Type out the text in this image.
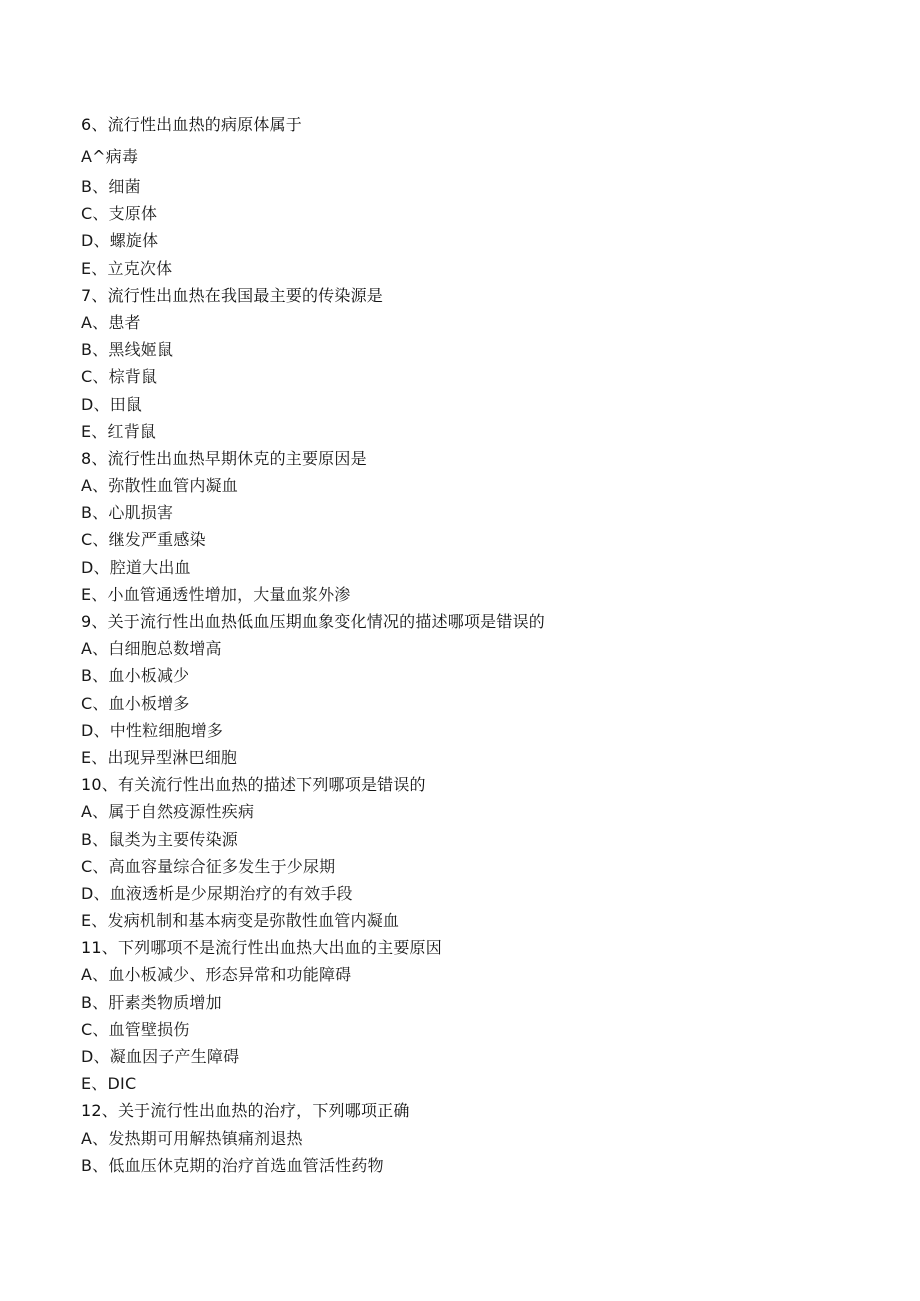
6、流行性出血热的病原体属于
A^病毒
B、细菌
C、支原体
D、螺旋体
E、立克次体
7、流行性出血热在我国最主要的传染源是
A、患者
B、黑线姬鼠
C、棕背鼠
D、田鼠
E、红背鼠
8、流行性出血热早期休克的主要原因是
A、弥散性血管内凝血
B、心肌损害
C、继发严重感染
D、腔道大出血
E、小血管通透性增加，大量血浆外渗
9、关于流行性出血热低血压期血象变化情况的描述哪项是错误的
A、白细胞总数增高
B、血小板减少
C、血小板增多
D、中性粒细胞增多
E、出现异型淋巴细胞
10、有关流行性出血热的描述下列哪项是错误的
A、属于自然疫源性疾病
B、鼠类为主要传染源
C、高血容量综合征多发生于少尿期
D、血液透析是少尿期治疗的有效手段
E、发病机制和基本病变是弥散性血管内凝血
11、下列哪项不是流行性出血热大出血的主要原因
A、血小板减少、形态异常和功能障碍
B、肝素类物质增加
C、血管壁损伤
D、凝血因子产生障碍
E、DIC
12、关于流行性出血热的治疗，下列哪项正确
A、发热期可用解热镇痛剂退热
B、低血压休克期的治疗首选血管活性药物
